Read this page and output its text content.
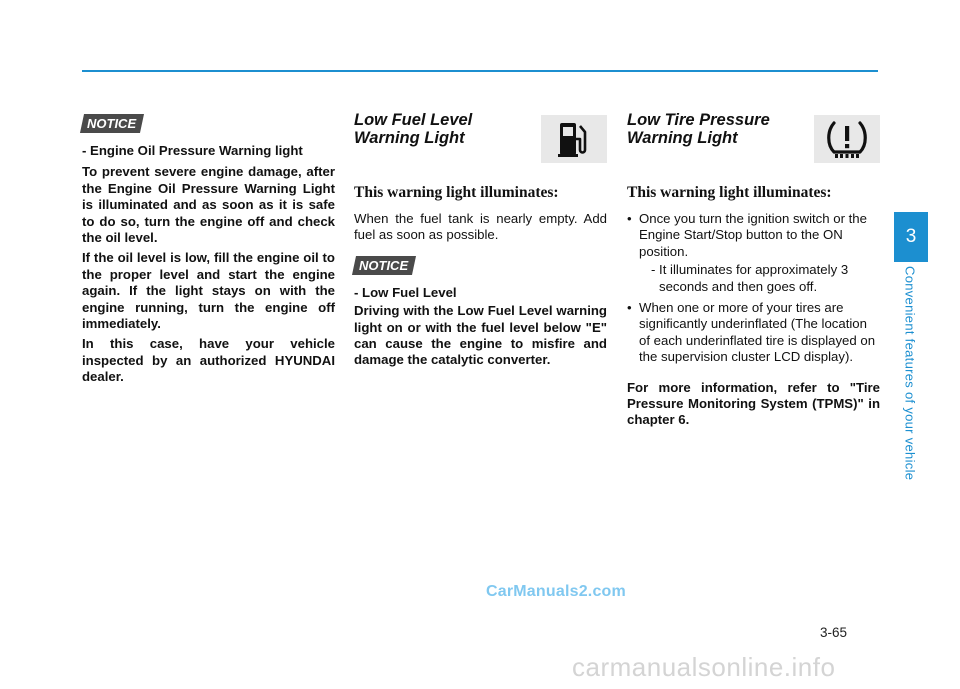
NOTICE

- Engine Oil Pressure Warning light

To prevent severe engine damage, after the Engine Oil Pressure Warning Light is illuminated and as soon as it is safe to do so, turn the engine off and check the oil level.

If the oil level is low, fill the engine oil to the proper level and start the engine again. If the light stays on with the engine running, turn the engine off immediately.

In this case, have your vehicle inspected by an authorized HYUNDAI dealer.

Low Fuel Level
Warning Light
This warning light illuminates:

When the fuel tank is nearly empty. Add fuel as soon as possible.

NOTICE

- Low Fuel Level

Driving with the Low Fuel Level warning light on or with the fuel level below "E" can cause the engine to misfire and damage the catalytic converter.

Low Tire Pressure
Warning Light
This warning light illuminates:
• Once you turn the ignition switch or the Engine Start/Stop button to the ON position.
- It illuminates for approximately 3 seconds and then goes off.
• When one or more of your tires are significantly underinflated (The location of each underinflated tire is displayed on the supervision cluster LCD display).

For more information, refer to "Tire Pressure Monitoring System (TPMS)" in chapter 6.

3
Convenient features of your vehicle
3-65
CarManuals2.com
carmanualsonline.info
